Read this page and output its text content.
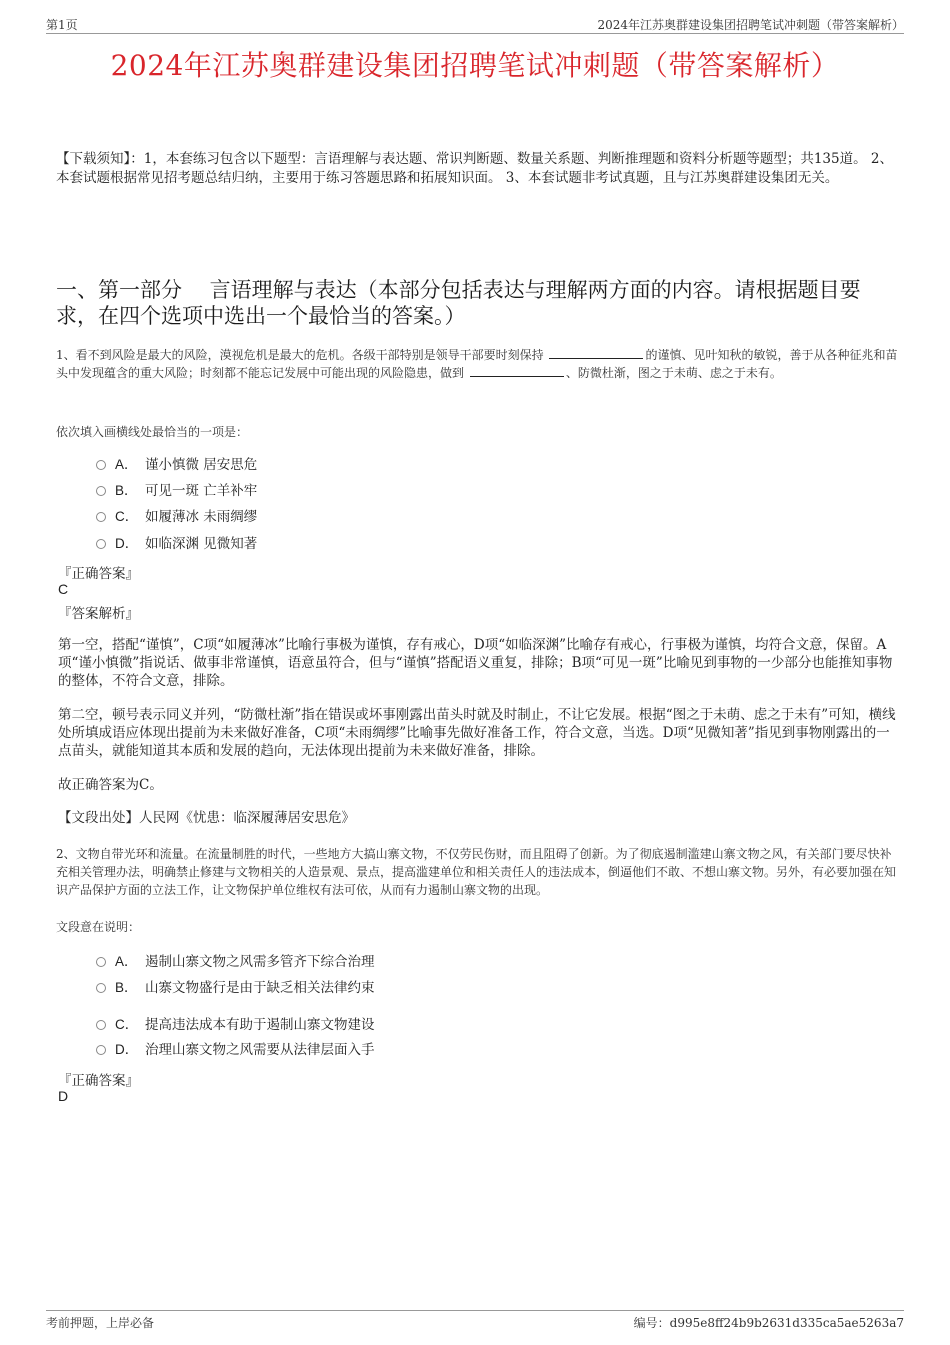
第1页	2024年江苏奥群建设集团招聘笔试冲刺题（带答案解析）
2024年江苏奥群建设集团招聘笔试冲刺题（带答案解析）
【下载须知】：1，本套练习包含以下题型：言语理解与表达题、常识判断题、数量关系题、判断推理题和资料分析题等题型；共135道。 2、本套试题根据常见招考题总结归纳，主要用于练习答题思路和拓展知识面。 3、本套试题非考试真题，且与江苏奥群建设集团无关。
一、第一部分　 言语理解与表达（本部分包括表达与理解两方面的内容。请根据题目要求，在四个选项中选出一个最恰当的答案。）
1、看不到风险是最大的风险，漠视危机是最大的危机。各级干部特别是领导干部要时刻保持	的谨慎、见叶知秋的敏锐，善于从各种征兆和苗头中发现蕴含的重大风险；时刻都不能忘记发展中可能出现的风险隐患，做到	、防微杜渐，图之于未萌、虑之于未有。
依次填入画横线处最恰当的一项是：
A． 谨小慎微 居安思危
B． 可见一斑 亡羊补牢
C． 如履薄冰 未雨绸缪
D． 如临深渊 见微知著
『正确答案』
C
『答案解析』
第一空，搭配“谨慎”，C项“如履薄冰”比喻行事极为谨慎，存有戒心，D项“如临深渊”比喻存有戒心，行事极为谨慎，均符合文意，保留。A项“谨小慎微”指说话、做事非常谨慎，语意虽符合，但与“谨慎”搭配语义重复，排除；B项“可见一斑”比喻见到事物的一少部分也能推知事物的整体，不符合文意，排除。
第二空，顿号表示同义并列，“防微杜渐”指在错误或坏事刚露出苗头时就及时制止，不让它发展。根据“图之于未萌、虑之于未有”可知，横线处所填成语应体现出提前为未来做好准备，C项“未雨绸缪”比喻事先做好准备工作，符合文意，当选。D项“见微知著”指见到事物刚露出的一点苗头，就能知道其本质和发展的趋向，无法体现出提前为未来做好准备，排除。
故正确答案为C。
【文段出处】人民网《忧患：临深履薄居安思危》
2、文物自带光环和流量。在流量制胜的时代，一些地方大搞山寨文物，不仅劳民伤财，而且阻碍了创新。为了彻底遏制滥建山寨文物之风，有关部门要尽快补充相关管理办法，明确禁止修建与文物相关的人造景观、景点，提高滥建单位和相关责任人的违法成本，倒逼他们不敢、不想山寨文物。另外，有必要加强在知识产品保护方面的立法工作，让文物保护单位维权有法可依，从而有力遏制山寨文物的出现。
文段意在说明：
A． 遏制山寨文物之风需多管齐下综合治理
B． 山寨文物盛行是由于缺乏相关法律约束
C． 提高违法成本有助于遏制山寨文物建设
D． 治理山寨文物之风需要从法律层面入手
『正确答案』
D
考前押题，上岸必备	编号：d995e8ff24b9b2631d335ca5ae5263a7
